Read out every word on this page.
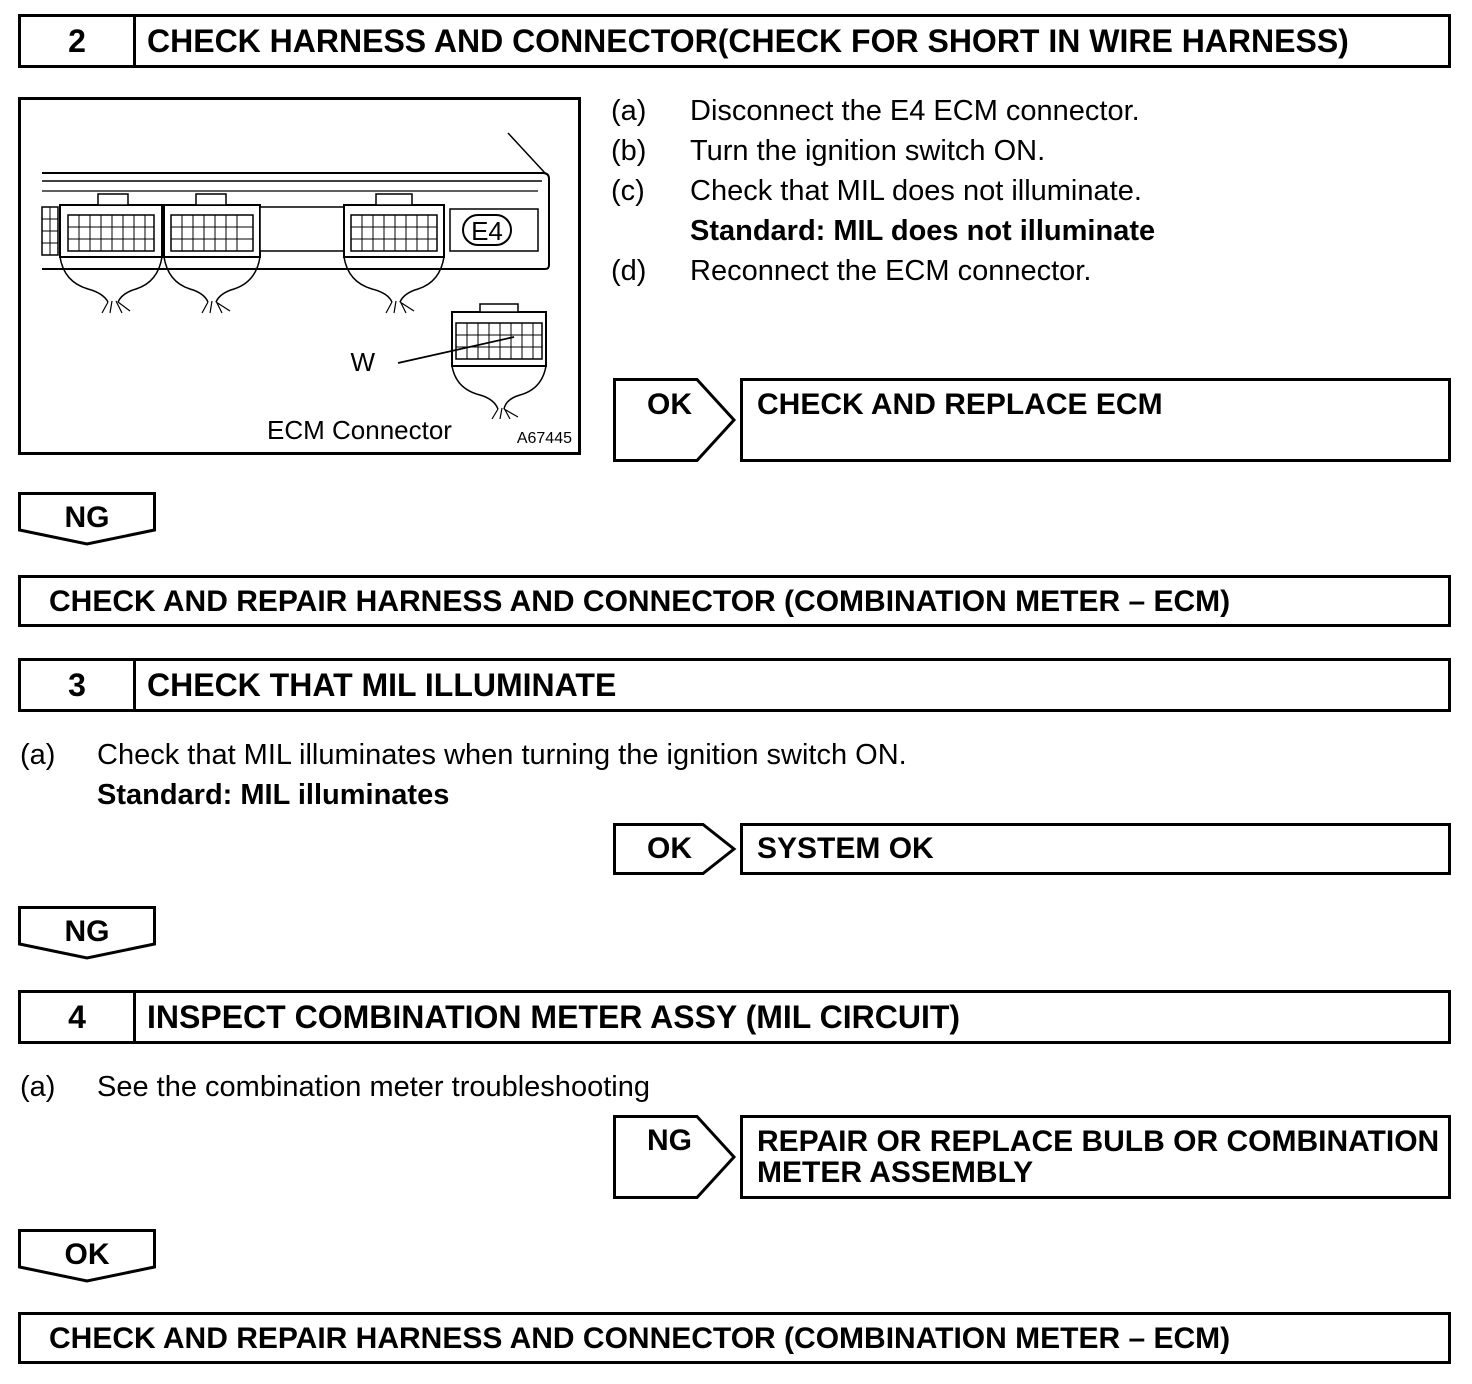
2	CHECK HARNESS AND CONNECTOR(CHECK FOR SHORT IN WIRE HARNESS)
E4
W
ECM Connector	A67445
(a) Disconnect the E4 ECM connector.
(b) Turn the ignition switch ON.
(c) Check that MIL does not illuminate.
Standard: MIL does not illuminate
(d) Reconnect the ECM connector.
OK CHECK AND REPLACE ECM
NG
CHECK AND REPAIR HARNESS AND CONNECTOR (COMBINATION METER – ECM)
3	CHECK THAT MIL ILLUMINATE
(a) Check that MIL illuminates when turning the ignition switch ON.
Standard: MIL illuminates
OK SYSTEM OK
NG
4	INSPECT COMBINATION METER ASSY (MIL CIRCUIT)
(a) See the combination meter troubleshooting
NG REPAIR OR REPLACE BULB OR COMBINATION
METER ASSEMBLY
OK
CHECK AND REPAIR HARNESS AND CONNECTOR (COMBINATION METER – ECM)
